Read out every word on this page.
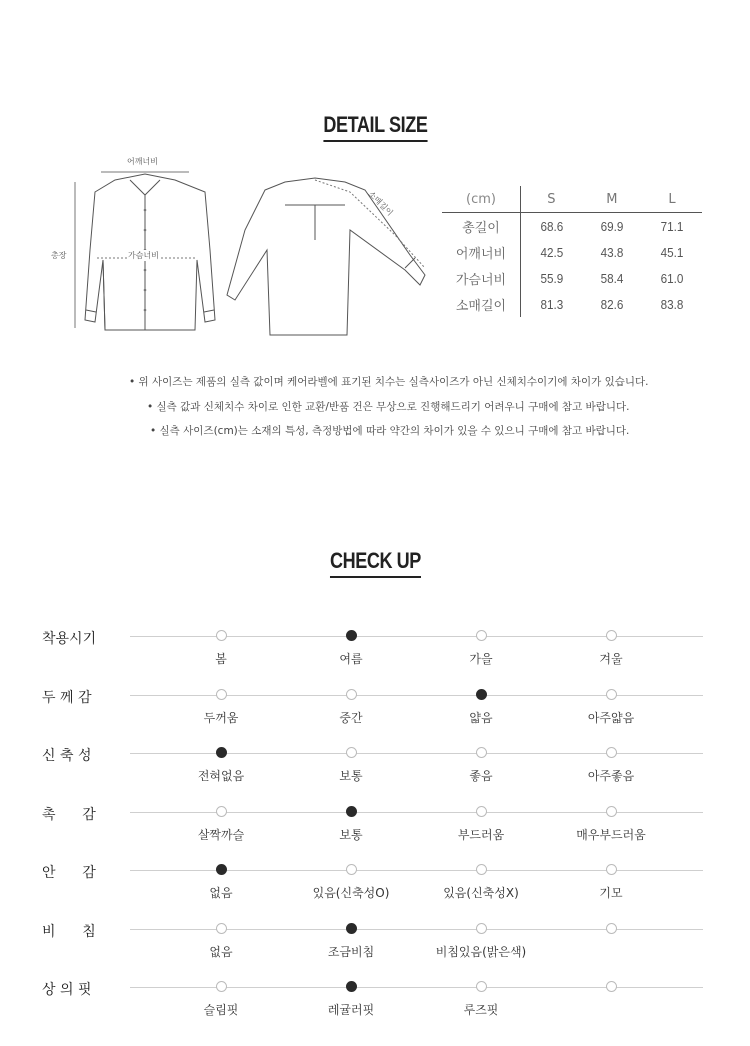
DETAIL SIZE
어깨너비
총장	가슴너비
소매길이	(cm)	S	M	L
총길이	68.6	69.9	71.1
어깨너비	42.5	43.8	45.1
가슴너비	55.9	58.4	61.0
소매길이	81.3	82.6	83.8
• 위 사이즈는 제품의 실측 값이며 케어라벨에 표기된 치수는 실측사이즈가 아닌 신체치수이기에 차이가 있습니다.
• 실측 값과 신체치수 차이로 인한 교환/반품 건은 무상으로 진행해드리기 어려우니 구매에 참고 바랍니다.
• 실측 사이즈(cm)는 소재의 특성, 측정방법에 따라 약간의 차이가 있을 수 있으니 구매에 참고 바랍니다.
CHECK UP
착용시기
봄	여름	가을	겨울
두 께 감
두꺼움	중간	얇음	아주얇음
신 축 성
전혀없음	보통	좋음	아주좋음
촉      감
살짝까슬	보통	부드러움	매우부드러움
안      감
없음	있음(신축성O)	있음(신축성X)	기모
비      침
없음	조금비침	비침있음(밝은색)
상 의 핏
슬림핏	레귤러핏	루즈핏
